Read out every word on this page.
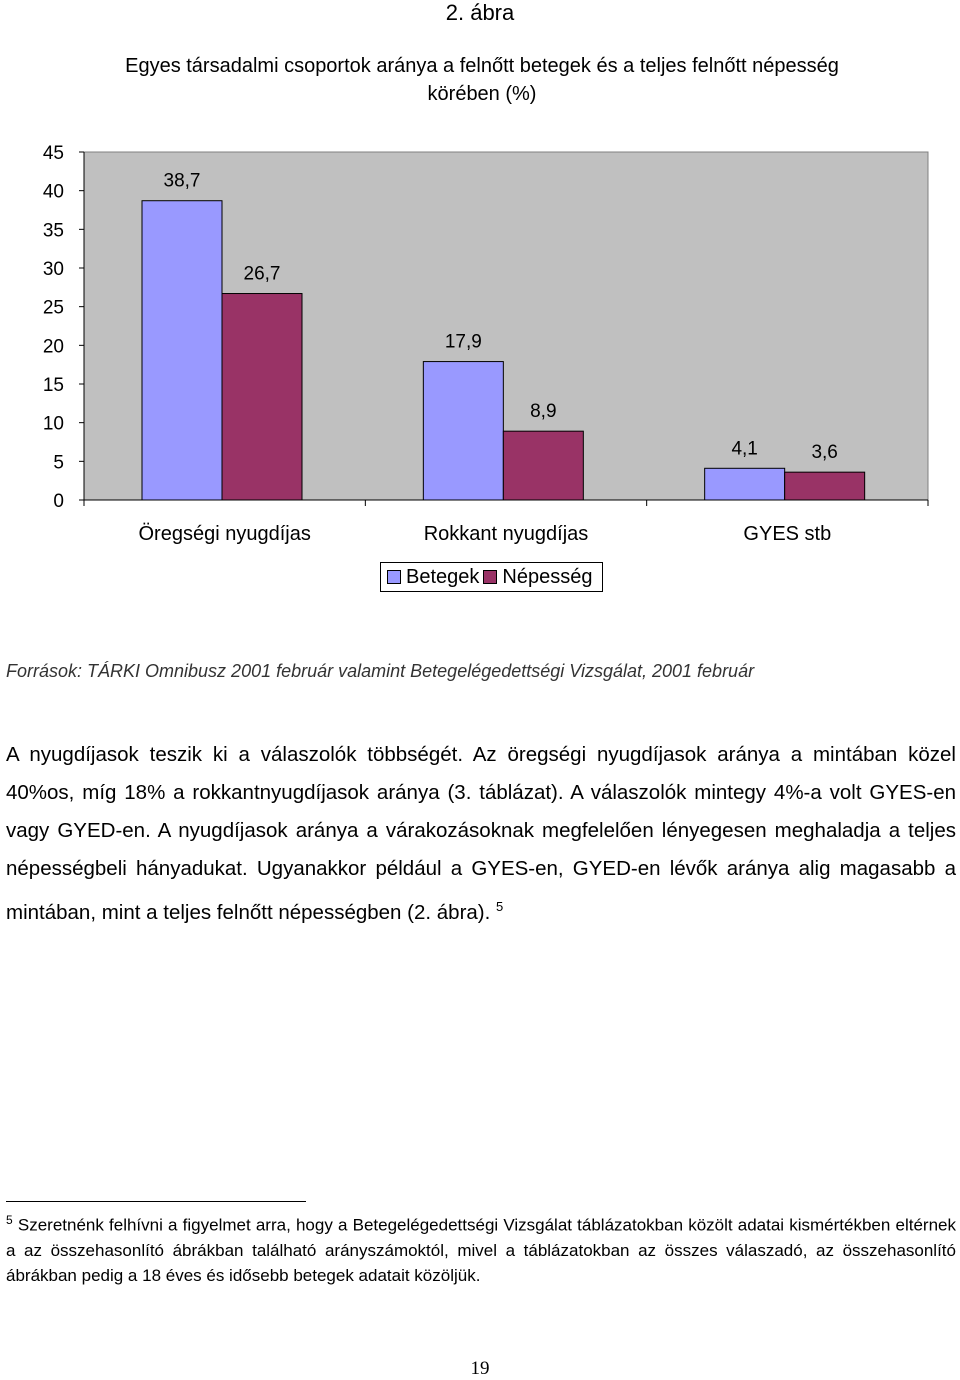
2. ábra
Egyes társadalmi csoportok aránya a felnőtt betegek és a teljes felnőtt népesség körében (%)
0
5
10
15
20
25
30
35
40
45
38,7
26,7
Öregségi nyugdíjas
17,9
8,9
Rokkant nyugdíjas
4,1	3,6
GYES stb
Betegek Népesség
Források: TÁRKI Omnibusz 2001 február valamint Betegelégedettségi Vizsgálat, 2001 február

A nyugdíjasok teszik ki a válaszolók többségét. Az öregségi nyugdíjasok aránya a mintában közel 40%os, míg 18% a rokkantnyugdíjasok aránya (3. táblázat). A válaszolók mintegy 4%-a volt GYES-en vagy GYED-en. A nyugdíjasok aránya a várakozásoknak megfelelően lényegesen meghaladja a teljes népességbeli hányadukat. Ugyanakkor például a GYES-en, GYED-en lévők aránya alig magasabb a mintában, mint a teljes felnőtt népességben (2. ábra). $^5$

$^5$ Szeretnénk felhívni a figyelmet arra, hogy a Betegelégedettségi Vizsgálat táblázatokban közölt adatai kismértékben eltérnek a az összehasonlító ábrákban található arányszámoktól, mivel a táblázatokban az összes válaszadó, az összehasonlító ábrákban pedig a 18 éves és idősebb betegek adatait közöljük.

19
